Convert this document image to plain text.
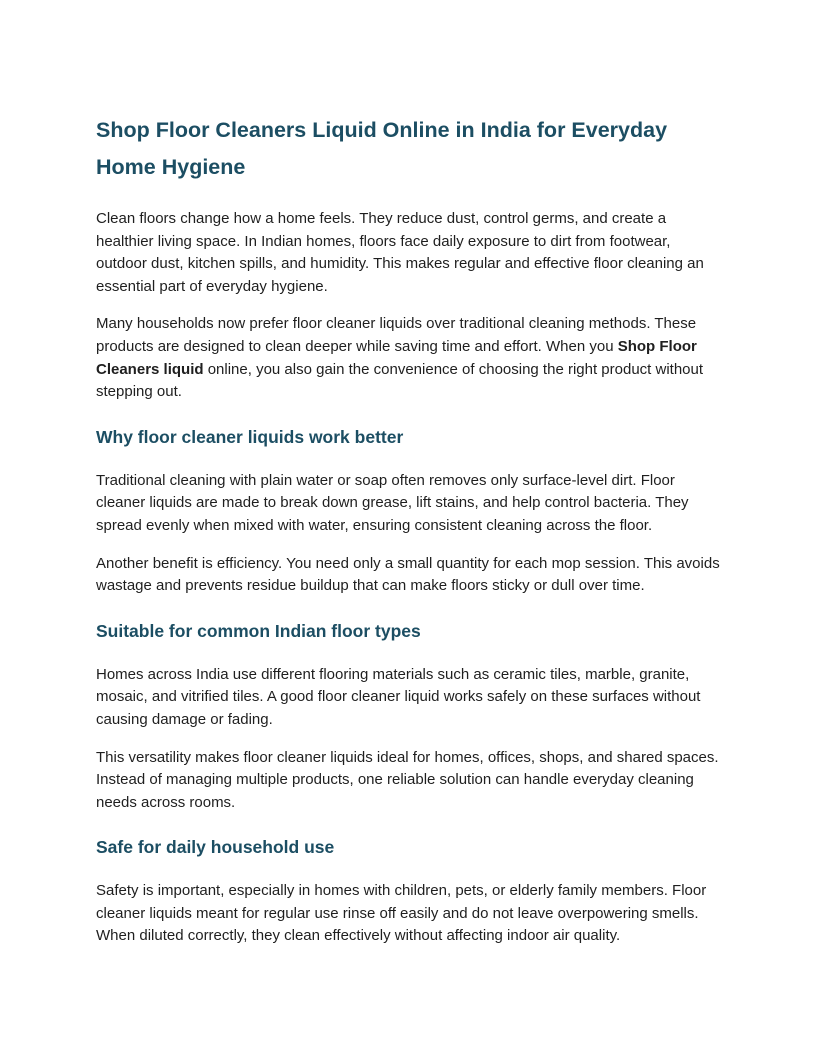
Shop Floor Cleaners Liquid Online in India for Everyday Home Hygiene

Clean floors change how a home feels. They reduce dust, control germs, and create a healthier living space. In Indian homes, floors face daily exposure to dirt from footwear, outdoor dust, kitchen spills, and humidity. This makes regular and effective floor cleaning an essential part of everyday hygiene.

Many households now prefer floor cleaner liquids over traditional cleaning methods. These products are designed to clean deeper while saving time and effort. When you Shop Floor Cleaners liquid online, you also gain the convenience of choosing the right product without stepping out.

Why floor cleaner liquids work better

Traditional cleaning with plain water or soap often removes only surface-level dirt. Floor cleaner liquids are made to break down grease, lift stains, and help control bacteria. They spread evenly when mixed with water, ensuring consistent cleaning across the floor.

Another benefit is efficiency. You need only a small quantity for each mop session. This avoids wastage and prevents residue buildup that can make floors sticky or dull over time.

Suitable for common Indian floor types

Homes across India use different flooring materials such as ceramic tiles, marble, granite, mosaic, and vitrified tiles. A good floor cleaner liquid works safely on these surfaces without causing damage or fading.

This versatility makes floor cleaner liquids ideal for homes, offices, shops, and shared spaces. Instead of managing multiple products, one reliable solution can handle everyday cleaning needs across rooms.

Safe for daily household use

Safety is important, especially in homes with children, pets, or elderly family members. Floor cleaner liquids meant for regular use rinse off easily and do not leave overpowering smells. When diluted correctly, they clean effectively without affecting indoor air quality.
